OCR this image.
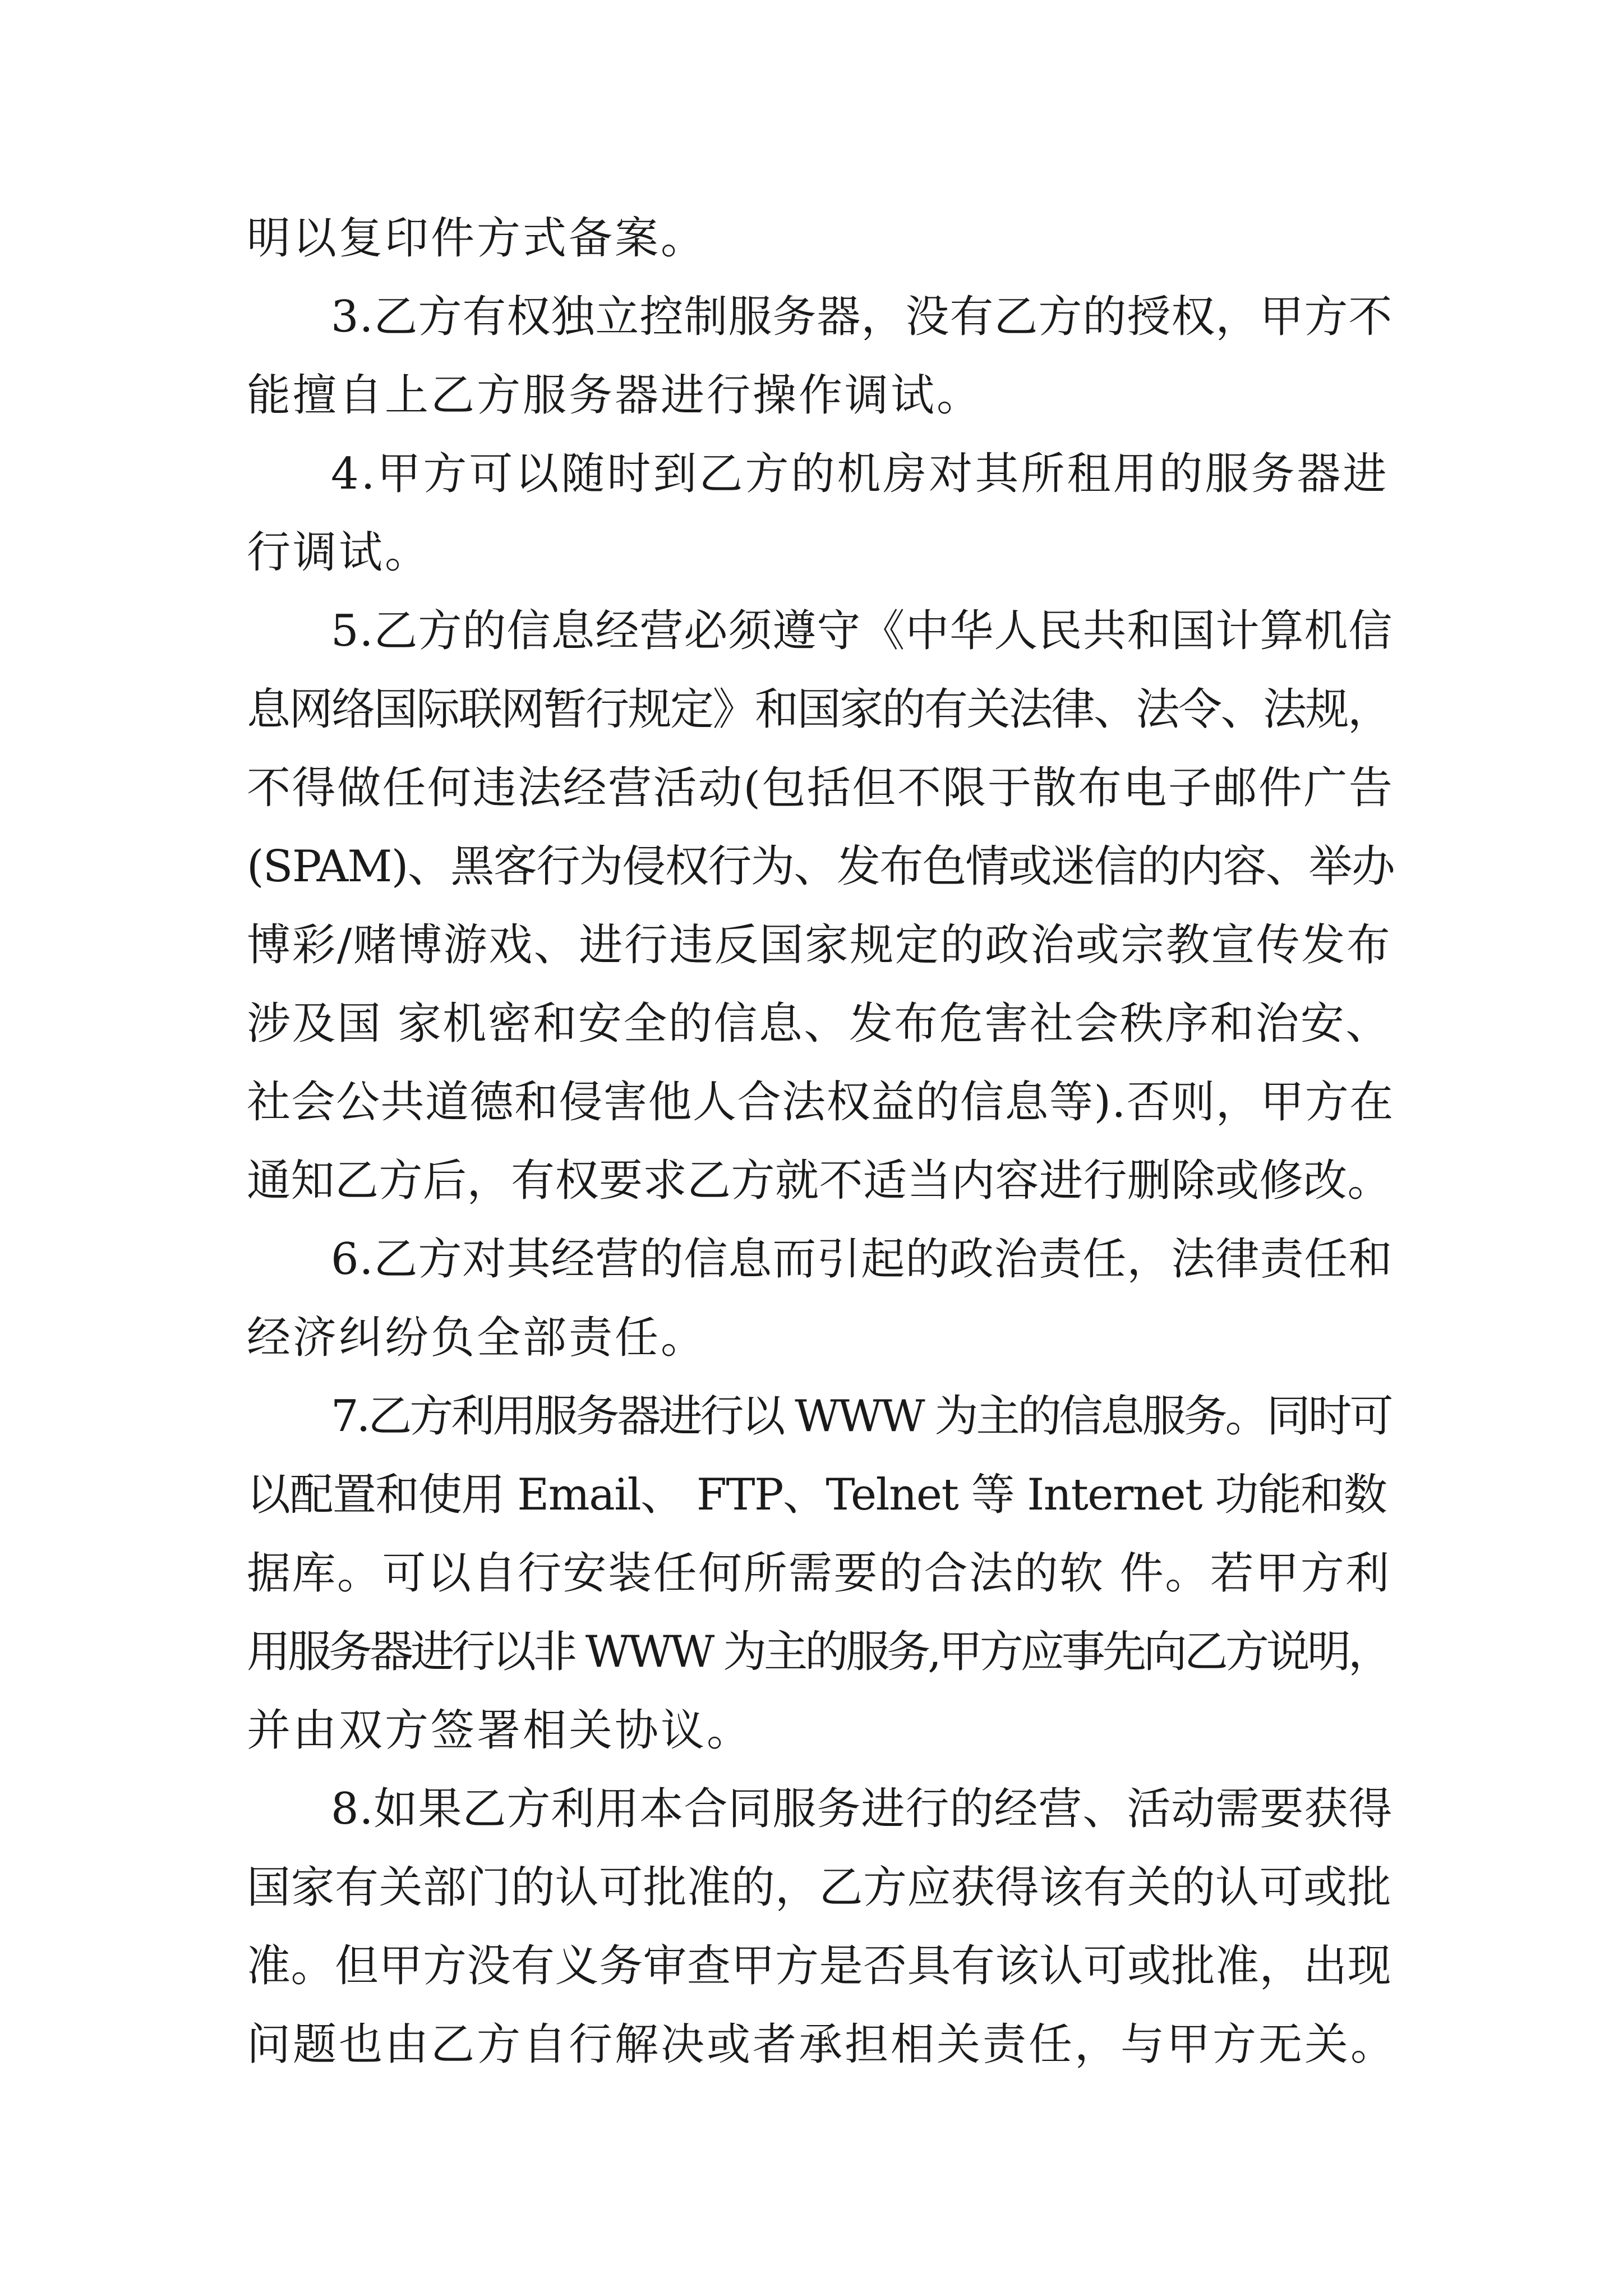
明以复印件方式备案。
3.乙方有权独立控制服务器，没有乙方的授权，甲方不
能擅自上乙方服务器进行操作调试。
4.甲方可以随时到乙方的机房对其所租用的服务器进
行调试。
5.乙方的信息经营必须遵守《中华人民共和国计算机信
息网络国际联网暂行规定》和国家的有关法律、法令、法规，
不得做任何违法经营活动(包括但不限于散布电子邮件广告
(SPAM)、黑客行为侵权行为、发布色情或迷信的内容、举办
博彩/赌博游戏、进行违反国家规定的政治或宗教宣传发布
涉及国 家机密和安全的信息、发布危害社会秩序和治安、
社会公共道德和侵害他人合法权益的信息等).否则，甲方在
通知乙方后，有权要求乙方就不适当内容进行删除或修改。
6.乙方对其经营的信息而引起的政治责任，法律责任和
经济纠纷负全部责任。
7.乙方利用服务器进行以 WWW 为主的信息服务。同时可
以配置和使用 Email、 FTP、Telnet 等 Internet 功能和数
据库。可以自行安装任何所需要的合法的软 件。若甲方利
用服务器进行以非 WWW 为主的服务,甲方应事先向乙方说明，
并由双方签署相关协议。
8.如果乙方利用本合同服务进行的经营、活动需要获得
国家有关部门的认可批准的，乙方应获得该有关的认可或批
准。但甲方没有义务审查甲方是否具有该认可或批准，出现
问题也由乙方自行解决或者承担相关责任，与甲方无关。
